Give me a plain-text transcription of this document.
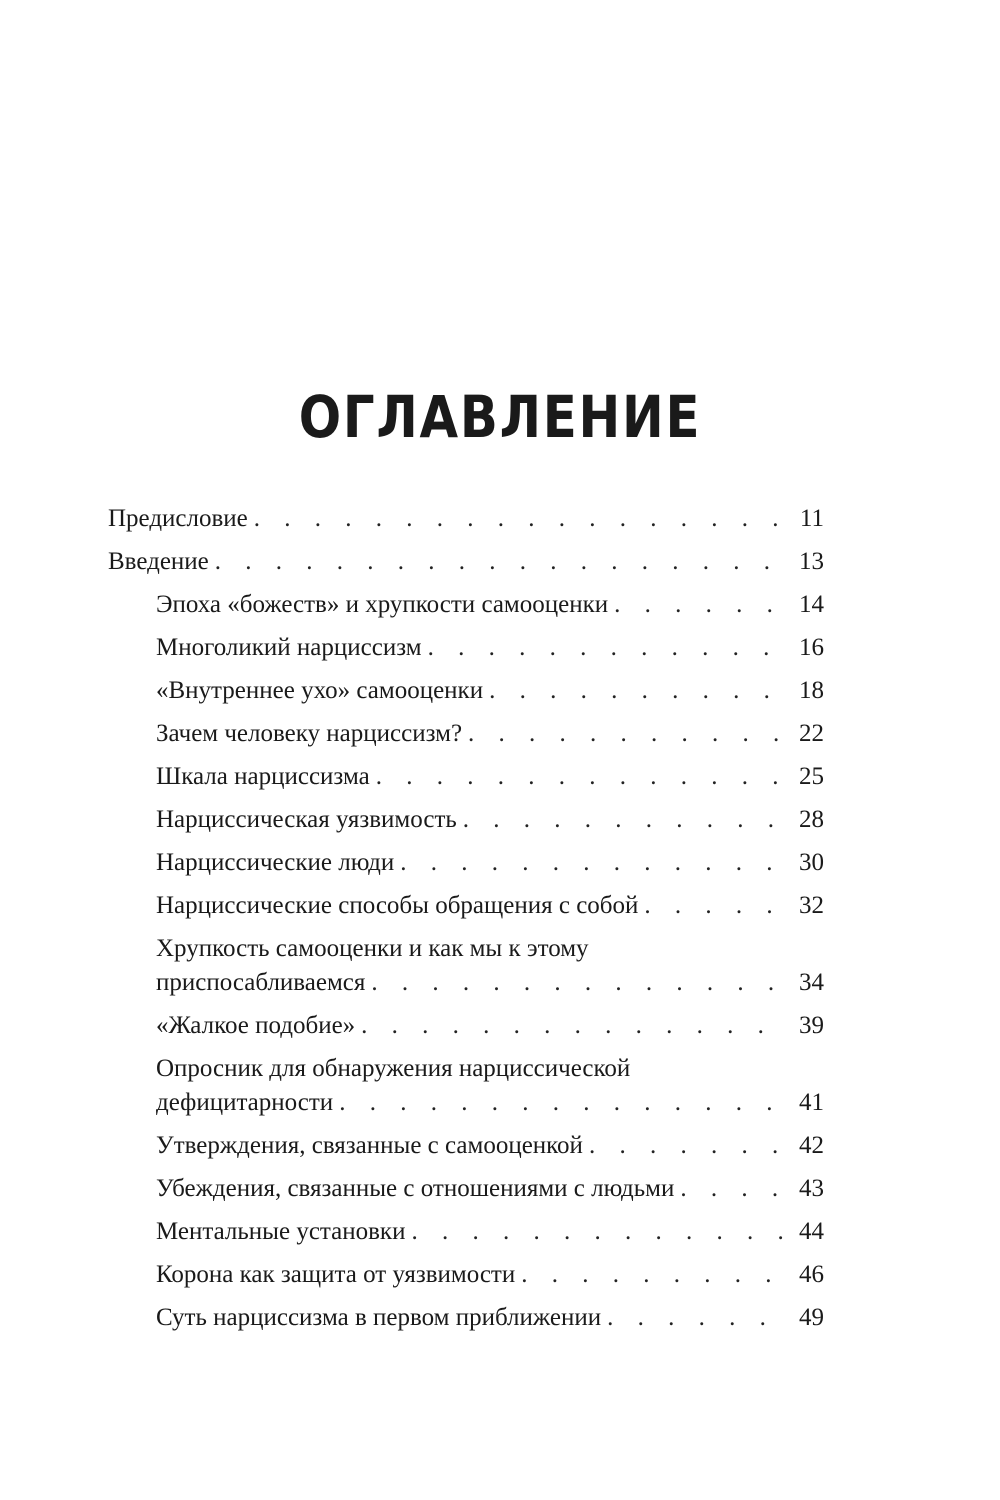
ОГЛАВЛЕНИЕ
Предисловие . . .	11
Введение . . .	13
Эпоха «божеств» и хрупкости самооценки . . .	14
Многоликий нарциссизм . . .	16
«Внутреннее ухо» самооценки . . .	18
Зачем человеку нарциссизм? . . .	22
Шкала нарциссизма . . .	25
Нарциссическая уязвимость . . .	28
Нарциссические люди . . .	30
Нарциссические способы обращения с собой . . .	32
Хрупкость самооценки и как мы к этому
приспосабливаемся . . .	34
«Жалкое подобие» . . .	39
Опросник для обнаружения нарциссической
дефицитарности . . .	41
Утверждения, связанные с самооценкой . . .	42
Убеждения, связанные с отношениями с людьми . . .	43
Ментальные установки . . .	44
Корона как защита от уязвимости . . .	46
Суть нарциссизма в первом приближении . . .	49
